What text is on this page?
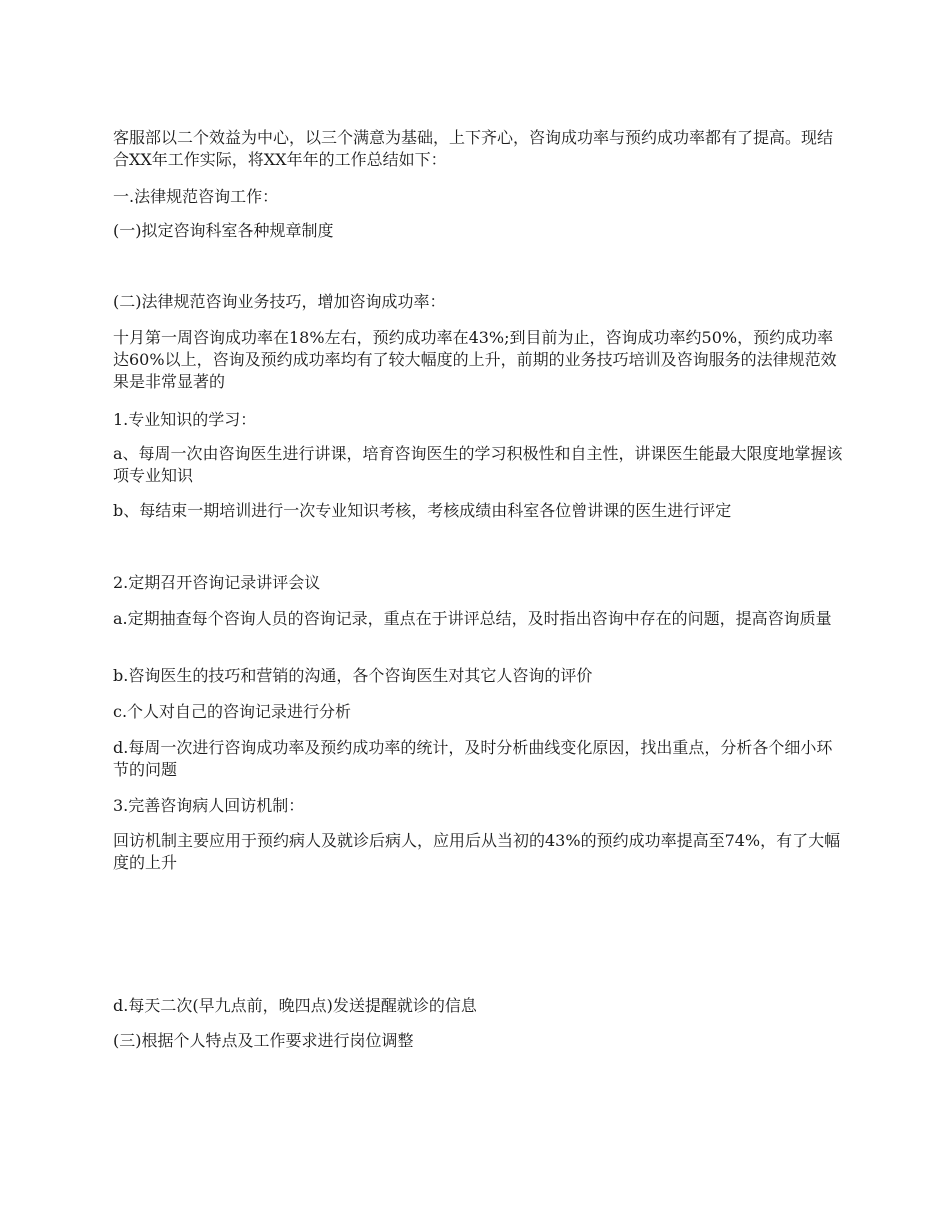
客服部以二个效益为中心，以三个满意为基础，上下齐心，咨询成功率与预约成功率都有了提高。现结合XX年工作实际，将XX年年的工作总结如下：

一.法律规范咨询工作：

(一)拟定咨询科室各种规章制度

(二)法律规范咨询业务技巧，增加咨询成功率：

十月第一周咨询成功率在18%左右，预约成功率在43%;到目前为止，咨询成功率约50%，预约成功率达60%以上，咨询及预约成功率均有了较大幅度的上升，前期的业务技巧培训及咨询服务的法律规范效果是非常显著的

1.专业知识的学习：

a、每周一次由咨询医生进行讲课，培育咨询医生的学习积极性和自主性，讲课医生能最大限度地掌握该项专业知识

b、每结束一期培训进行一次专业知识考核，考核成绩由科室各位曾讲课的医生进行评定

2.定期召开咨询记录讲评会议

a.定期抽查每个咨询人员的咨询记录，重点在于讲评总结，及时指出咨询中存在的问题，提高咨询质量

b.咨询医生的技巧和营销的沟通，各个咨询医生对其它人咨询的评价

c.个人对自己的咨询记录进行分析

d.每周一次进行咨询成功率及预约成功率的统计，及时分析曲线变化原因，找出重点，分析各个细小环节的问题

3.完善咨询病人回访机制：

回访机制主要应用于预约病人及就诊后病人，应用后从当初的43%的预约成功率提高至74%，有了大幅度的上升

d.每天二次(早九点前，晚四点)发送提醒就诊的信息

(三)根据个人特点及工作要求进行岗位调整
